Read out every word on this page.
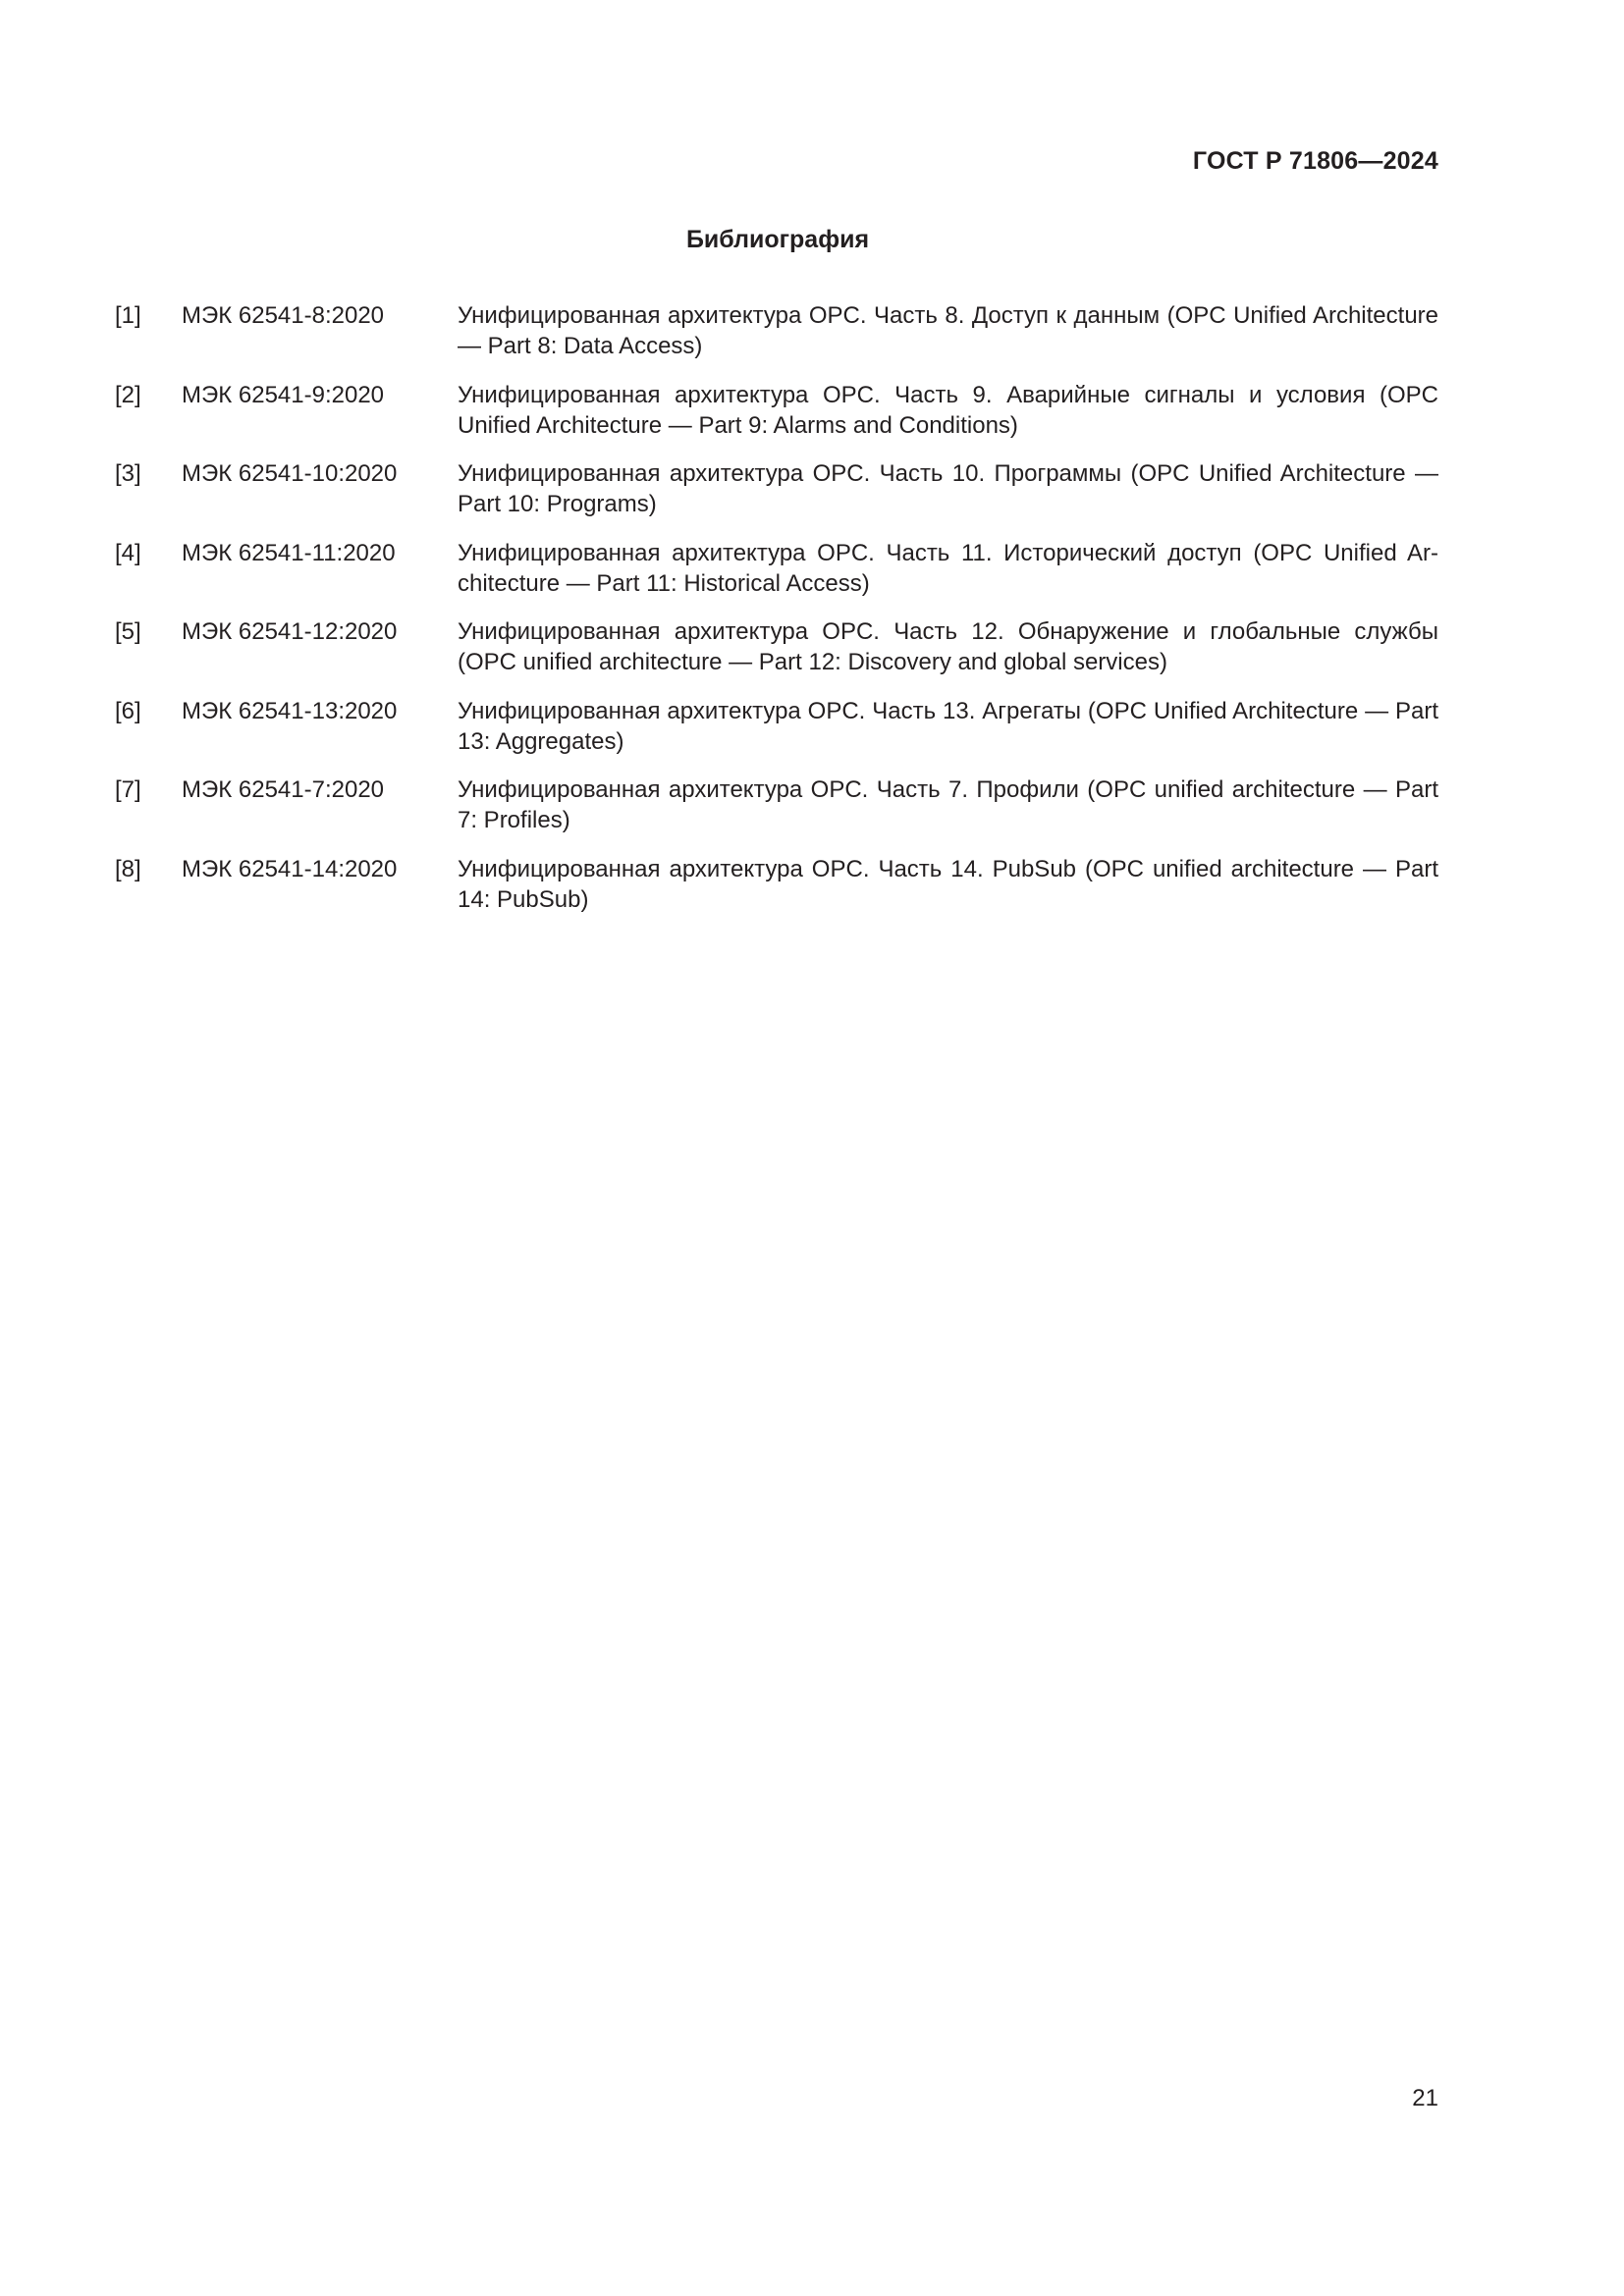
ГОСТ Р 71806—2024
Библиография
[1]	МЭК 62541-8:2020	Унифицированная архитектура OPC. Часть 8. Доступ к данным (OPC Unified Architecture — Part 8: Data Access)
[2]	МЭК 62541-9:2020	Унифицированная архитектура OPC. Часть 9. Аварийные сигналы и условия (OPC Unified Architecture — Part 9: Alarms and Conditions)
[3]	МЭК 62541-10:2020	Унифицированная архитектура OPC. Часть 10. Программы (OPC Unified Architecture — Part 10: Programs)
[4]	МЭК 62541-11:2020	Унифицированная архитектура OPC. Часть 11. Исторический доступ (OPC Unified Architecture — Part 11: Historical Access)
[5]	МЭК 62541-12:2020	Унифицированная архитектура OPC. Часть 12. Обнаружение и глобальные службы (OPC unified architecture — Part 12: Discovery and global services)
[6]	МЭК 62541-13:2020	Унифицированная архитектура OPC. Часть 13. Агрегаты (OPC Unified Architecture — Part 13: Aggregates)
[7]	МЭК 62541-7:2020	Унифицированная архитектура OPC. Часть 7. Профили (OPC unified architecture — Part 7: Profiles)
[8]	МЭК 62541-14:2020	Унифицированная архитектура OPC. Часть 14. PubSub (OPC unified architecture — Part 14: PubSub)
21
